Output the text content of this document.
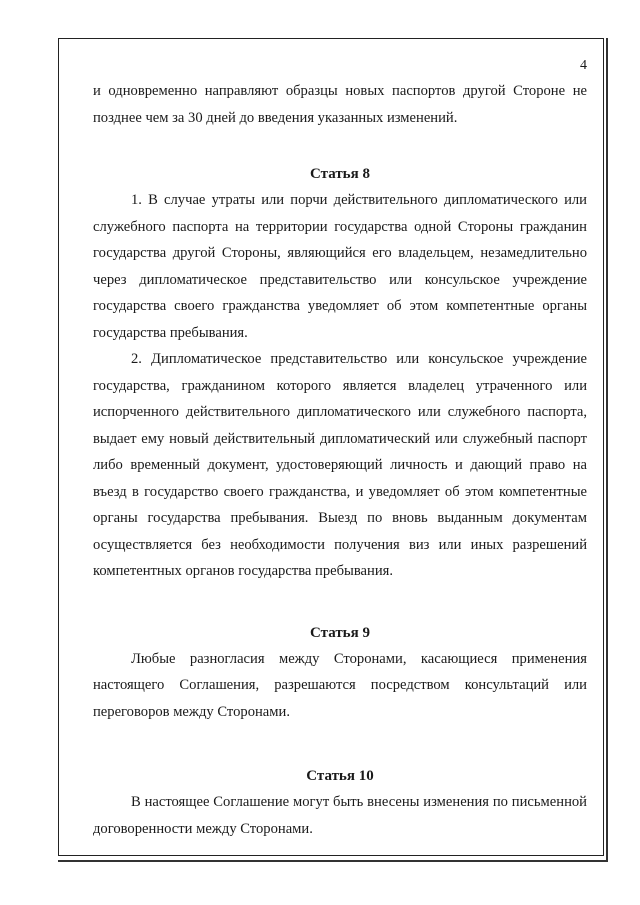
4

и одновременно направляют образцы новых паспортов другой Стороне не позднее чем за 30 дней до введения указанных изменений.

Статья 8

1. В случае утраты или порчи действительного дипломатического или служебного паспорта на территории государства одной Стороны гражданин государства другой Стороны, являющийся его владельцем, незамедлительно через дипломатическое представительство или консульское учреждение государства своего гражданства уведомляет об этом компетентные органы государства пребывания.

2. Дипломатическое представительство или консульское учреждение государства, гражданином которого является владелец утраченного или испорченного действительного дипломатического или служебного паспорта, выдает ему новый действительный дипломатический или служебный паспорт либо временный документ, удостоверяющий личность и дающий право на въезд в государство своего гражданства, и уведомляет об этом компетентные органы государства пребывания. Выезд по вновь выданным документам осуществляется без необходимости получения виз или иных разрешений компетентных органов государства пребывания.

Статья 9

Любые разногласия между Сторонами, касающиеся применения настоящего Соглашения, разрешаются посредством консультаций или переговоров между Сторонами.

Статья 10

В настоящее Соглашение могут быть внесены изменения по письменной договоренности между Сторонами.
